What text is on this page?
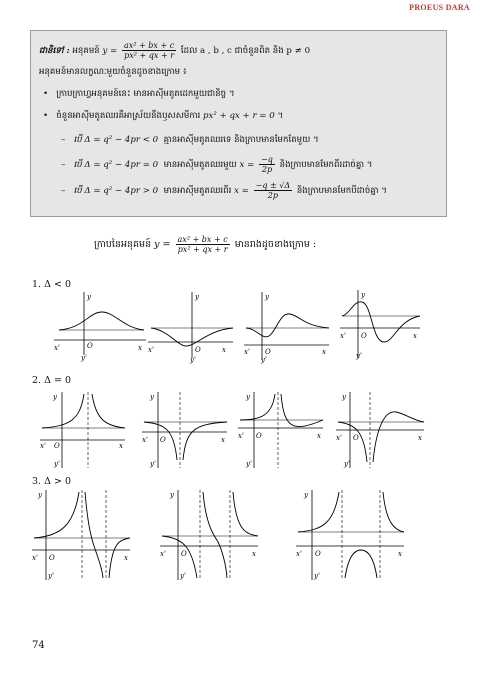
PROEUS DARA
​ជានិទៅ : អនុគមន៍ $y = \frac{\text{ax² + bx + c}}{\text{px² + qx + r}}$ ដែល a , b , c ជាចំនួនពិត និង p ≠ 0
អនុគមន៍មានលក្ខណៈមួយចំនួនដូចខាងក្រោម ៖
•   ក្រាបក្រាហ្វអនុគមន៍នេះ មានអាស៊ីមតូតដេកមួយជានិច្ច ។
•   ចំនួនអាស៊ីមតូតឈរគឺអាស្រ័យនឹងឫសសមីការ px² + qx + r = 0 ។
–   បើ Δ = q² − 4pr < 0 គ្មានអាស៊ីមតូតឈរទេ និងក្រាបមានមែកតែមួយ ។
–   បើ Δ = q² − 4pr = 0 មានអាស៊ីមតូតឈរមួយ $x = \frac{-q}{2p}$ និងក្រាបមានមែកពីរដាច់គ្នា ។
–   បើ Δ = q² − 4pr > 0 មានអាស៊ីមតូតឈរពីរ $x = \frac{-q \pm √\Delta}{2p}$ និងក្រាបមានមែកបីដាច់គ្នា ។
ក្រាបនៃអនុគមន៍ $y = \frac{\text{ax² + bx + c}}{\text{px² + qx + r}}$ មានរាងដូចខាងក្រោម :
1. Δ < 0
2. Δ = 0
3. Δ > 0
74
y
x
O
x'
y'
y
x
O
x'
y'
y
x
O
x'
y'
y
x
O
x'
y'
y
x
O
x'
y'
y
x
O
x'
y'
y
x
O
x'
y'
y
x
O
x'
y'
y
x
O
x'
y'
y
x
O
x'
y'
y
x
O
x'
y'
